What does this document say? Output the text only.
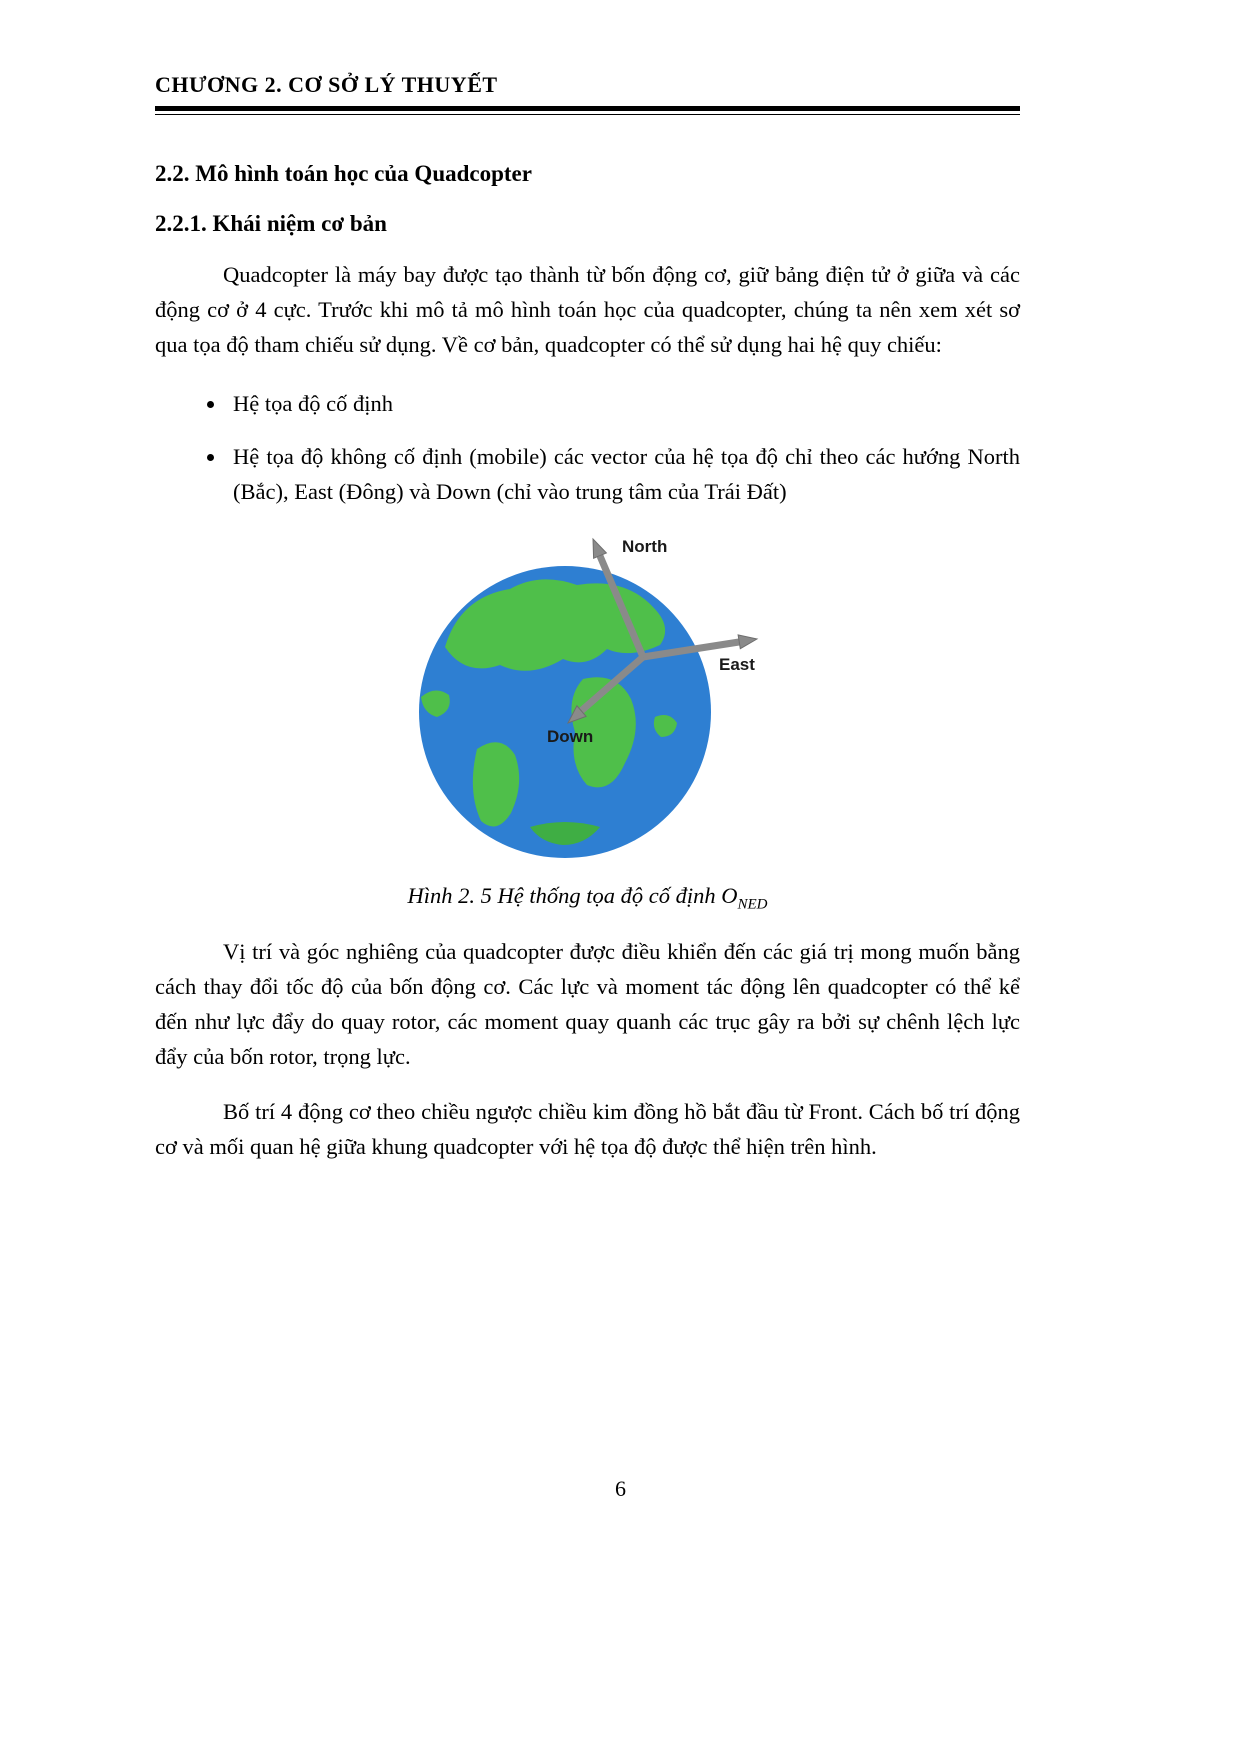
CHƯƠNG 2. CƠ SỞ LÝ THUYẾT
2.2. Mô hình toán học của Quadcopter
2.2.1. Khái niệm cơ bản

Quadcopter là máy bay được tạo thành từ bốn động cơ, giữ bảng điện tử ở giữa và các động cơ ở 4 cực. Trước khi mô tả mô hình toán học của quadcopter, chúng ta nên xem xét sơ qua tọa độ tham chiếu sử dụng. Về cơ bản, quadcopter có thể sử dụng hai hệ quy chiếu:

• Hệ tọa độ cố định
• Hệ tọa độ không cố định (mobile) các vector của hệ tọa độ chỉ theo các hướng North (Bắc), East (Đông) và Down (chỉ vào trung tâm của Trái Đất)
North
East
Down
Hình 2. 5 Hệ thống tọa độ cố định $O_{NED}$

Vị trí và góc nghiêng của quadcopter được điều khiển đến các giá trị mong muốn bằng cách thay đổi tốc độ của bốn động cơ. Các lực và moment tác động lên quadcopter có thể kể đến như lực đẩy do quay rotor, các moment quay quanh các trục gây ra bởi sự chênh lệch lực đẩy của bốn rotor, trọng lực.

Bố trí 4 động cơ theo chiều ngược chiều kim đồng hồ bắt đầu từ Front. Cách bố trí động cơ và mối quan hệ giữa khung quadcopter với hệ tọa độ được thể hiện trên hình.

6
